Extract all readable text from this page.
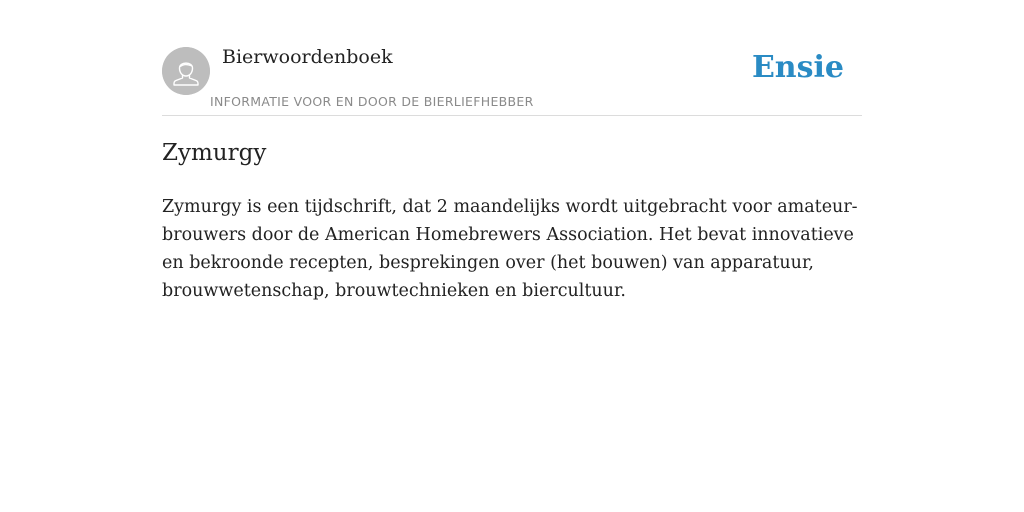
Bierwoordenboek
INFORMATIE VOOR EN DOOR DE BIERLIEFHEBBER
Ensie
Zymurgy

Zymurgy is een tijdschrift, dat 2 maandelijks wordt uitgebracht voor amateur-brouwers door de American Homebrewers Association. Het bevat innovatieve en bekroonde recepten, besprekingen over (het bouwen) van apparatuur, brouwwetenschap, brouwtechnieken en biercultuur.
